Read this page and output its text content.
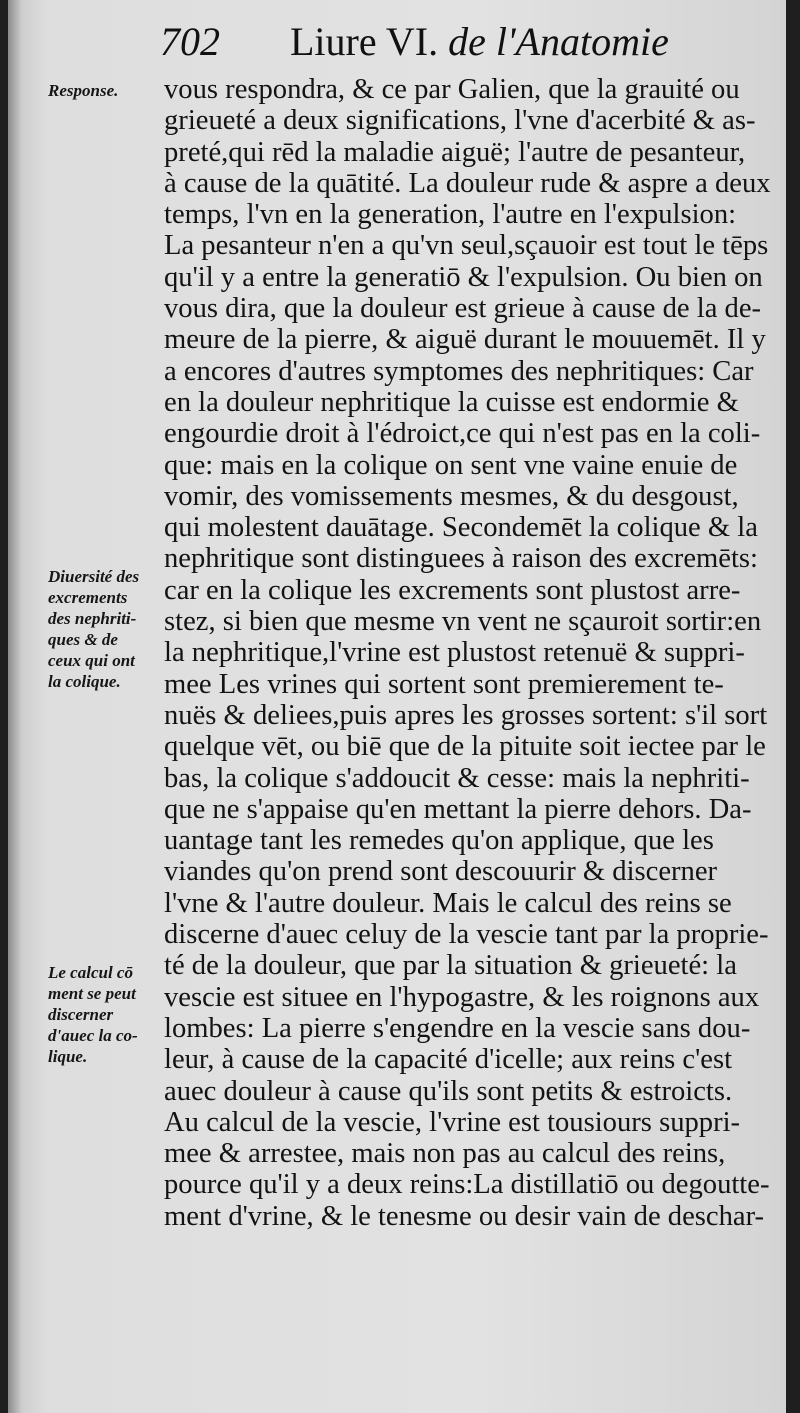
702 Liure VI. de l'Anatomie
Response.
Diuersité des
excrements
des nephriti-
ques & de
ceux qui ont
la colique.
Le calcul cō
ment se peut
discerner
d'auec la co-
lique.
vous respondra, & ce par Galien, que la grauité ou
grieueté a deux significations, l'vne d'acerbité & as-
preté,qui rēd la maladie aiguë; l'autre de pesanteur,
à cause de la quātité. La douleur rude & aspre a deux
temps, l'vn en la generation, l'autre en l'expulsion:
La pesanteur n'en a qu'vn seul,sçauoir est tout le tēps
qu'il y a entre la generatiō & l'expulsion. Ou bien on
vous dira, que la douleur est grieue à cause de la de-
meure de la pierre, & aiguë durant le mouuemēt. Il y
a encores d'autres symptomes des nephritiques: Car
en la douleur nephritique la cuisse est endormie &
engourdie droit à l'édroict,ce qui n'est pas en la coli-
que: mais en la colique on sent vne vaine enuie de
vomir, des vomissements mesmes, & du desgoust,
qui molestent dauātage. Secondemēt la colique & la
nephritique sont distinguees à raison des excremēts:
car en la colique les excrements sont plustost arre-
stez, si bien que mesme vn vent ne sçauroit sortir:en
la nephritique,l'vrine est plustost retenuë & suppri-
mee Les vrines qui sortent sont premierement te-
nuës & deliees,puis apres les grosses sortent: s'il sort
quelque vēt, ou biē que de la pituite soit iectee par le
bas, la colique s'addoucit & cesse: mais la nephriti-
que ne s'appaise qu'en mettant la pierre dehors. Da-
uantage tant les remedes qu'on applique, que les
viandes qu'on prend sont descouurir & discerner
l'vne & l'autre douleur. Mais le calcul des reins se
discerne d'auec celuy de la vescie tant par la proprie-
té de la douleur, que par la situation & grieueté: la
vescie est situee en l'hypogastre, & les roignons aux
lombes: La pierre s'engendre en la vescie sans dou-
leur, à cause de la capacité d'icelle; aux reins c'est
auec douleur à cause qu'ils sont petits & estroicts.
Au calcul de la vescie, l'vrine est tousiours suppri-
mee & arrestee, mais non pas au calcul des reins,
pource qu'il y a deux reins:La distillatiō ou degoutte-
ment d'vrine, & le tenesme ou desir vain de deschar-
